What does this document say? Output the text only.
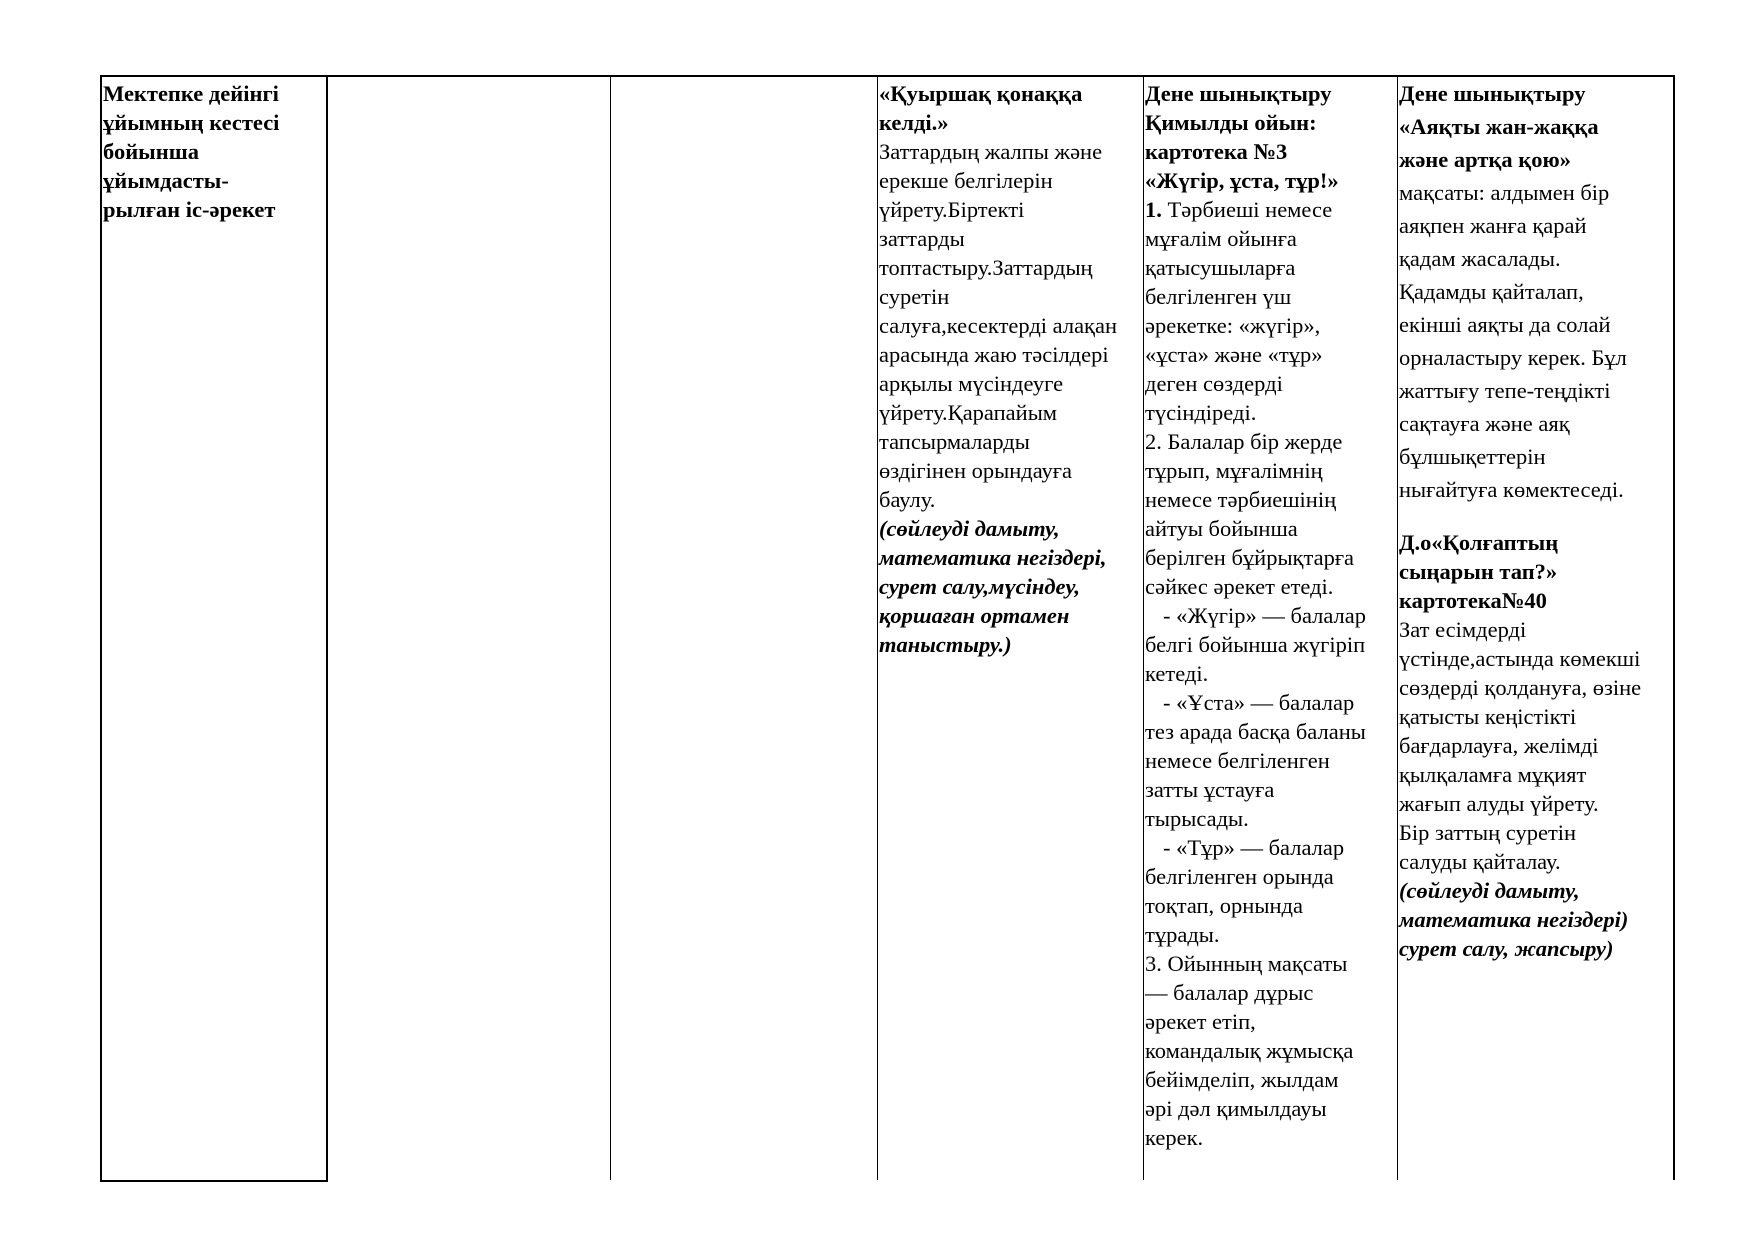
Мектепке дейінгі
ұйымның кестесі
бойынша
ұйымдасты-
рылған іс-әрекет
«Қуыршақ қонаққа
келді.»
Заттардың жалпы және
ерекше белгілерін
үйрету.Біртекті
заттарды
топтастыру.Заттардың
суретін
салуға,кесектерді алақан
арасында жаю тәсілдері
арқылы мүсіндеуге
үйрету.Қарапайым
тапсырмаларды
өздігінен орындауға
баулу.
(сөйлеуді дамыту,
математика негіздері,
сурет салу,мүсіндеу,
қоршаған ортамен
таныстыру.)
Дене шынықтыру
Қимылды ойын:
картотека №3
«Жүгір, ұста, тұр!»
1. Тәрбиеші немесе
мұғалім ойынға
қатысушыларға
белгіленген үш
әрекетке: «жүгір»,
«ұста» және «тұр»
деген сөздерді
түсіндіреді.
2. Балалар бір жерде
тұрып, мұғалімнің
немесе тәрбиешінің
айтуы бойынша
берілген бұйрықтарға
сәйкес әрекет етеді.
- «Жүгір» — балалар
белгі бойынша жүгіріп
кетеді.
- «Ұста» — балалар
тез арада басқа баланы
немесе белгіленген
затты ұстауға
тырысады.
- «Тұр» — балалар
белгіленген орында
тоқтап, орнында
тұрады.
3. Ойынның мақсаты
— балалар дұрыс
әрекет етіп,
командалық жұмысқа
бейімделіп, жылдам
әрі дәл қимылдауы
керек.
Дене шынықтыру
«Аяқты жан-жаққа
және артқа қою»
мақсаты: алдымен бір
аяқпен жанға қарай
қадам жасалады.
Қадамды қайталап,
екінші аяқты да солай
орналастыру керек. Бұл
жаттығу тепе-теңдікті
сақтауға және аяқ
бұлшықеттерін
нығайтуға көмектеседі.
Д.о«Қолғаптың
сыңарын тап?»
картотека№40
Зат есімдерді
үстінде,астында көмекші
сөздерді қолдануға, өзіне
қатысты кеңістікті
бағдарлауға, желімді
қылқаламға мұқият
жағып алуды үйрету.
Бір заттың суретін
салуды қайталау.
(сөйлеуді дамыту,
математика негіздері)
сурет салу, жапсыру)
